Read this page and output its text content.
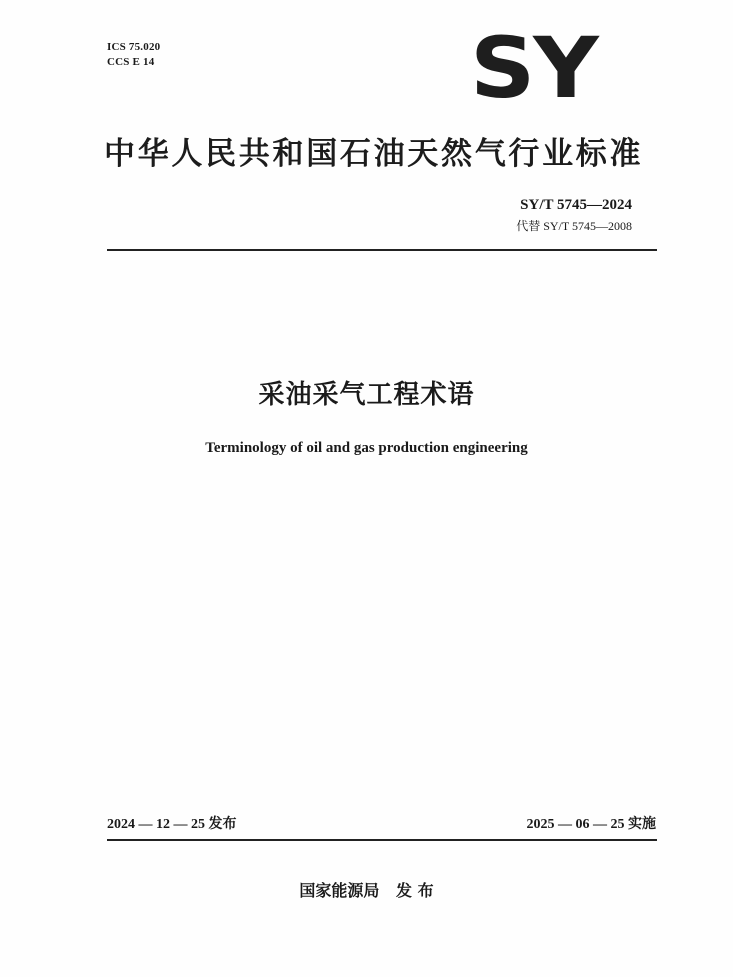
ICS 75.020
CCS E 14	SY
中华人民共和国石油天然气行业标准
SY/T 5745—2024
代替 SY/T 5745—2008
采油采气工程术语
Terminology of oil and gas production engineering
2024 — 12 — 25 发布	2025 — 06 — 25 实施
国家能源局   发 布
